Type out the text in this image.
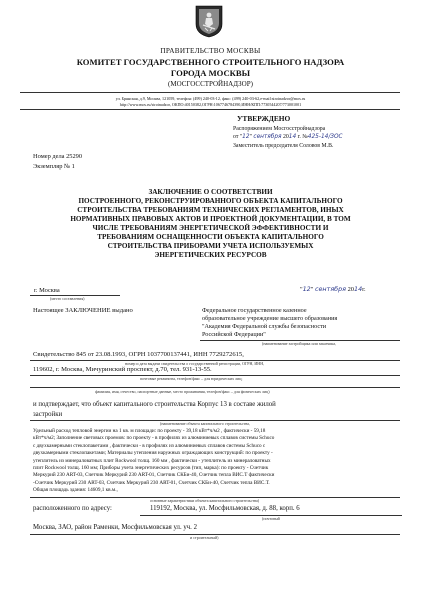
ПРАВИТЕЛЬСТВО МОСКВЫ
КОМИТЕТ ГОСУДАРСТВЕННОГО СТРОИТЕЛЬНОГО НАДЗОРА
ГОРОДА МОСКВЫ
(МОСГОССТРОЙНАДЗОР)
ул. Брянская, д.9, Москва, 121059, телефон: (499) 240-03-12, факс: (499) 240-03-62,e-mail:stroinadzor@mos.ru
http://www.mos.ru/stroinadzor, ОКПО:40150382,ОГРН:1067746784390,ИНН/КПП:7730544207/773001001
УТВЕРЖДЕНО
Распоряжением Мосгосстройнадзора
от "12" сентября 2014 г. №425-14/ЗОС
Заместитель председателя Соловов М.В.
Номер дела 25290
Экземпляр № 1
ЗАКЛЮЧЕНИЕ О СООТВЕТСТВИИ
ПОСТРОЕННОГО, РЕКОНСТРУИРОВАННОГО ОБЪЕКТА КАПИТАЛЬНОГО
СТРОИТЕЛЬСТВА ТРЕБОВАНИЯМ ТЕХНИЧЕСКИХ РЕГЛАМЕНТОВ, ИНЫХ
НОРМАТИВНЫХ ПРАВОВЫХ АКТОВ И ПРОЕКТНОЙ ДОКУМЕНТАЦИИ, В ТОМ
ЧИСЛЕ ТРЕБОВАНИЯМ ЭНЕРГЕТИЧЕСКОЙ ЭФФЕКТИВНОСТИ И
ТРЕБОВАНИЯМ ОСНАЩЕННОСТИ ОБЪЕКТА КАПИТАЛЬНОГО
СТРОИТЕЛЬСТВА ПРИБОРАМИ УЧЕТА ИСПОЛЬЗУЕМЫХ
ЭНЕРГЕТИЧЕСКИХ РЕСУРСОВ
г. Москва
(место составления)
"12" сентября 2014г.
Настоящее ЗАКЛЮЧЕНИЕ выдано	Федеральное государственное казенное
образовательное учреждение высшего образования
"Академия Федеральной службы безопасности
Российской Федерации"
(наименование застройщика или заказчика,
Свидетельство 845 от 23.08.1993, ОГРН 1037700137441, ИНН 7729272615,
номер и дата выдачи свидетельства о государственной регистрации, ОГРН, ИНН,
119602, г. Москва, Мичуринский проспект, д.70, тел. 931-13-55.
почтовые реквизиты, телефон/факс – для юридических лиц;
фамилия, имя, отчество, паспортные данные, место проживания, телефон/факс – для физических лиц)
и подтверждает, что объект капитального строительства Корпус 13 в составе жилой
застройки
(наименование объекта капитального строительства,
Удельный расход тепловой энергии на 1 кв. м площади: по проекту - 39,18 кВт*ч/м2 , фактически - 59,18
кВт*ч/м2; Заполнение световых проемов: по проекту - в профилях из алюминиевых сплавов системы Schuco
с двухкамерными стеклопакетами , фактически - в профилях из алюминиевых сплавов системы Schuco с
двухкамерными стеклопакетами; Материалы утепления наружных ограждающих конструкций: по проекту -
утеплитель из минераловатных плит Rockwool толщ. 160 мм , фактически - утеплитель из минераловатных
плит Rockwool толщ. 160 мм; Приборы учета энергетических ресурсов (тип, марка): по проекту - Счетчик
Меркурий 230 ART-03, Счетчик Меркурий 230 ART-01, Счетчик СКБи-40, Счетчик тепла ВИС.Т фактически
-Счетчик Меркурий 230 ART-03, Счетчик Меркурий 230 ART-01, Счетчик СКБи-40, Счетчик тепла ВИС.Т.
Общая площадь здания: 14609,1 кв.м.,
основные характеристики объекта капитального строительства)
расположенного по адресу:	119192, Москва, ул. Мосфильмовская, д. 88, корп. 6
(почтовый
Москва, ЗАО, район Раменки, Мосфильмовская ул. уч. 2
и строительный)
